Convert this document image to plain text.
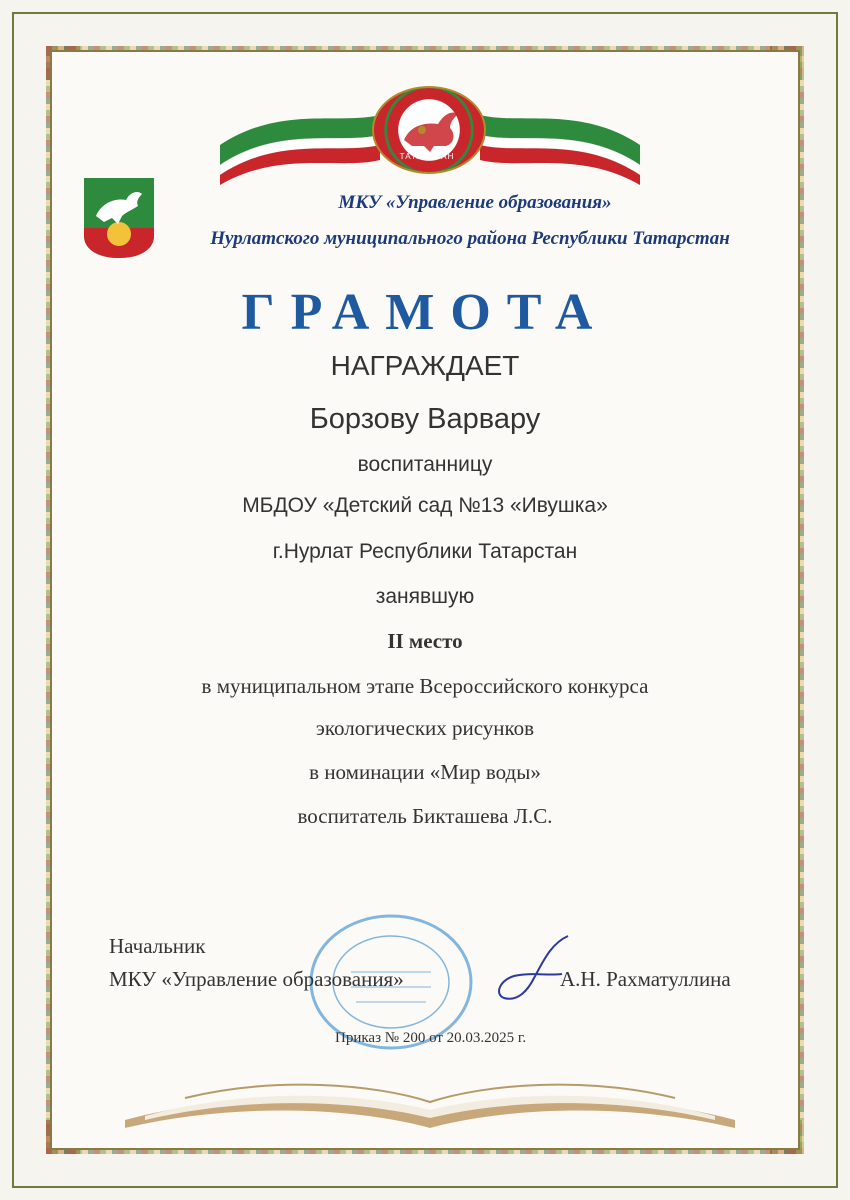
ТАТАРСТАН
МКУ «Управление образования»
Нурлатского муниципального района Республики Татарстан
ГРАМОТА
НАГРАЖДАЕТ
Борзову Варвару
воспитанницу
МБДОУ «Детский сад №13 «Ивушка»
г.Нурлат Республики Татарстан
занявшую
II место
в муниципальном этапе Всероссийского конкурса
экологических рисунков
в номинации «Мир воды»
воспитатель Бикташева Л.С.
Начальник
МКУ «Управление образования»	А.Н. Рахматуллина
Приказ № 200 от 20.03.2025 г.
